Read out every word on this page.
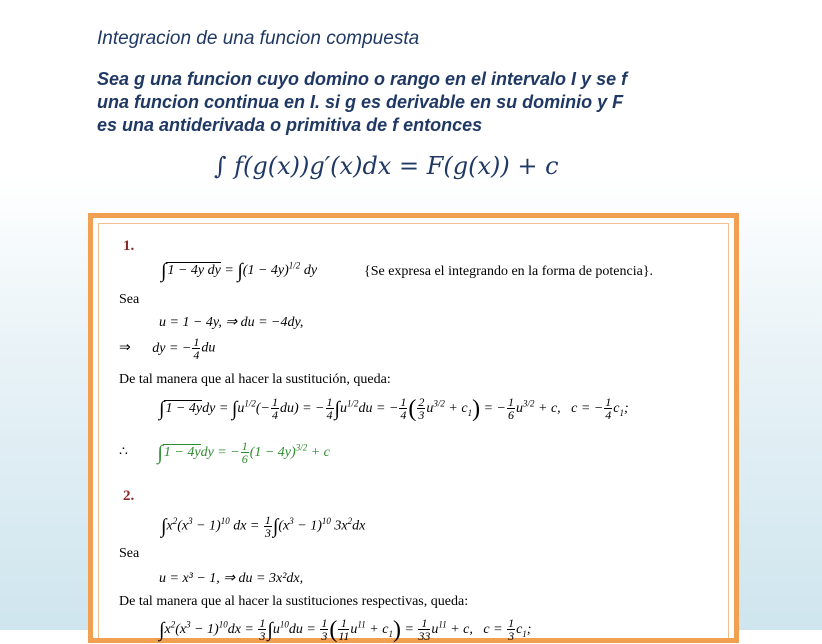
Integracion de una funcion compuesta
Sea g una funcion cuyo domino o rango en el intervalo I y se f
una funcion continua en I. si g es derivable en su dominio y F
es una antiderivada o primitiva de f entonces
∫ f(g(x))g′(x)dx = F(g(x)) + c
1.
∫1 − 4y dy = $\int(1 - 4y)^{1/2}$ dy	{Se expresa el integrando en la forma de potencia}.
Sea
u = 1 − 4y, ⇒ du = −4dy,
⇒ dy = − $\frac{1}{4}$ du
De tal manera que al hacer la sustitución, queda:
$\int 1 - 4ydy = \int u^{1/2}(- \frac{1}{4} du)$ = − $\frac{1}{4} \int u^{1/2}du$ = − $\frac{1}{4}$ ( $\frac{2}{3} u^{3/2} + c_1$) = − $\frac{1}{6} u^{3/2} + c$,   c = − $\frac{1}{4} c_1$;
∴ ∫1 − 4ydy = − $\frac{1}{6} (1 - 4y)^{3/2} + c$
2.
$\int x^2(x^3 - 1)^{10}$ dx = $\frac{1}{3} \int(x^3 - 1)^{10}$ $3x^2dx$
Sea
u = x³ − 1, ⇒ du = 3x²dx,
De tal manera que al hacer la sustituciones respectivas, queda:
$\int x^2(x^3 - 1)^{10}dx = \frac{1}{3} \int u^{10}du = \frac{1}{3}$ ( $\frac{1}{11} u^{11} + c_1) = \frac{1}{33} u^{11} + c$,   $c = \frac{1}{3} c_1$;
